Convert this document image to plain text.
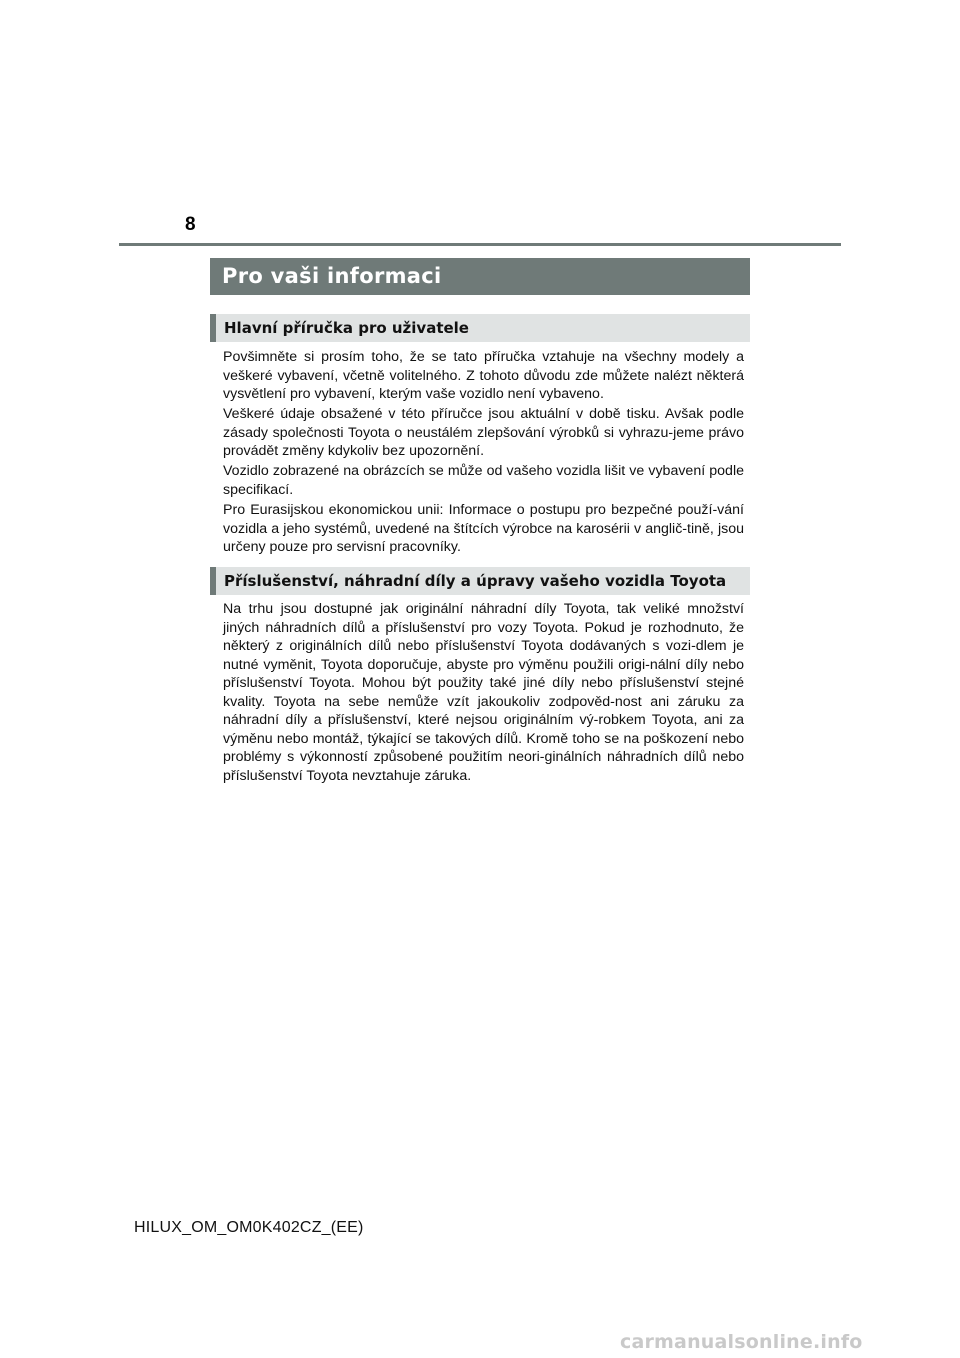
8
Pro vaši informaci
Hlavní příručka pro uživatele

Povšimněte si prosím toho, že se tato příručka vztahuje na všechny modely a veškeré vybavení, včetně volitelného. Z tohoto důvodu zde můžete nalézt některá vysvětlení pro vybavení, kterým vaše vozidlo není vybaveno.

Veškeré údaje obsažené v této příručce jsou aktuální v době tisku. Avšak podle zásady společnosti Toyota o neustálém zlepšování výrobků si vyhrazu-jeme právo provádět změny kdykoliv bez upozornění.

Vozidlo zobrazené na obrázcích se může od vašeho vozidla lišit ve vybavení podle specifikací.

Pro Eurasijskou ekonomickou unii: Informace o postupu pro bezpečné použí-vání vozidla a jeho systémů, uvedené na štítcích výrobce na karosérii v anglič-tině, jsou určeny pouze pro servisní pracovníky.

Příslušenství, náhradní díly a úpravy vašeho vozidla Toyota

Na trhu jsou dostupné jak originální náhradní díly Toyota, tak veliké množství jiných náhradních dílů a příslušenství pro vozy Toyota. Pokud je rozhodnuto, že některý z originálních dílů nebo příslušenství Toyota dodávaných s vozi-dlem je nutné vyměnit, Toyota doporučuje, abyste pro výměnu použili origi-nální díly nebo příslušenství Toyota. Mohou být použity také jiné díly nebo příslušenství stejné kvality. Toyota na sebe nemůže vzít jakoukoliv zodpověd-nost ani záruku za náhradní díly a příslušenství, které nejsou originálním vý-robkem Toyota, ani za výměnu nebo montáž, týkající se takových dílů. Kromě toho se na poškození nebo problémy s výkonností způsobené použitím neori-ginálních náhradních dílů nebo příslušenství Toyota nevztahuje záruka.

HILUX_OM_OM0K402CZ_(EE)
carmanualsonline.info
